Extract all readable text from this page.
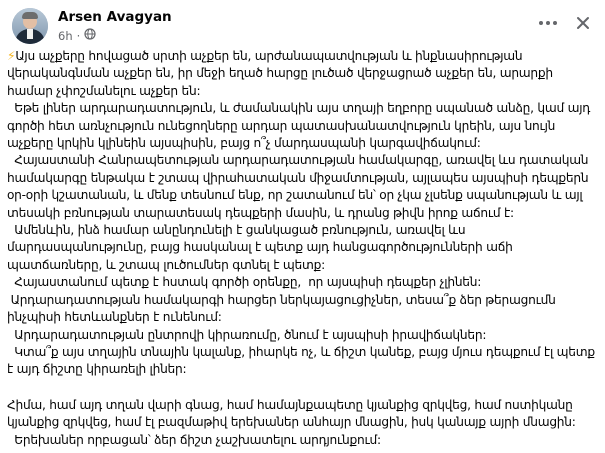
Arsen Avagyan
6h ·

⚡Այս աչքերը հովացած սրտի աչքեր են, արժանապատվության և ինքնասիրության վերականգնման աչքեր են, իր մեջի եղած հարցը լուծած վերջացրած աչքեր են, արարքի համար չփոշմանելու աչքեր են:
Եթե լիներ արդարադատություն, և ժամանակին այս տղայի եղբորը սպանած անձը, կամ այդ գործի հետ առնչություն ունեցողները արդար պատասխանատվություն կրեին, այս նույն աչքերը կրկին կլինեին այսպիսին, բայց ո՞չ մարդասպանի կարգավիճակում:
Հայաստանի Հանրապետության արդարադատության համակարգը, առավել ևս դատական համակարգը ենթակա է շտապ վիրահատական միջամտության, այլապես այսպիսի դեպքերն օր-օրի կշատանան, և մենք տեսնում ենք, որ շատանում են՝ օր չկա չլսենք սպանության և այլ տեսակի բռնության տարատեսակ դեպքերի մասին, և դրանց թիվն իրոք աճում է:
Ամենևին, ինձ համար անընդունելի է ցանկացած բռնություն, առավել ևս մարդասպանությունը, բայց հասկանալ է պետք այդ հանցագործությունների աճի պատճառները, և շտապ լուծումներ գտնել է պետք:
Հայաստանում պետք է հստակ գործի օրենքը,  որ այսպիսի դեպքեր չլինեն:
Արդարադատության համակարգի հարցեր ներկայացուցիչներ, տեսա՞ք ձեր թերացումն ինչպիսի հետևանքներ է ունենում:
Արդարադատության ընտրովի կիրառումը, ծնում է այսպիսի իրավիճակներ:
Կտա՞ք այս տղային տնային կալանք, իհարկե ոչ, և ճիշտ կանեք, բայց մյուս դեպքում էլ պետք է այդ ճիշտը կիրառելի լիներ:

Հիմա, համ այդ տղան վարի գնաց, համ համայնքապետը կյանքից զրկվեց, համ ոստիկանը կյանքից զրկվեց, համ էլ բազմաթիվ երեխաներ անհայր մնացին, իսկ կանայք այրի մնացին:
Երեխաներ որբացան՝ ձեր ճիշտ չաշխատելու արդյունքում:
